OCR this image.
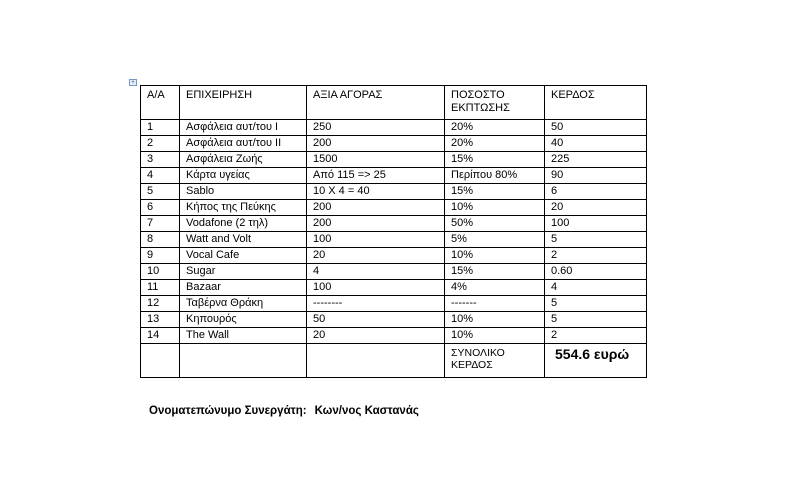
+
Α/Α	ΕΠΙΧΕΙΡΗΣΗ	ΑΞΙΑ ΑΓΟΡΑΣ	ΠΟΣΟΣΤΟ ΕΚΠΤΩΣΗΣ	ΚΕΡΔΟΣ
1	Ασφάλεια αυτ/του Ι	250	20%	50
2	Ασφάλεια αυτ/του ΙΙ	200	20%	40
3	Ασφάλεια Ζωής	1500	15%	225
4	Κάρτα υγείας	Από 115 => 25	Περίπου 80%	90
5	Sablo	10 Χ 4 = 40	15%	6
6	Κήπος της Πεύκης	200	10%	20
7	Vodafone (2 τηλ)	200	50%	100
8	Watt and Volt	100	5%	5
9	Vocal Cafe	20	10%	2
10	Sugar	4	15%	0.60
11	Bazaar	100	4%	4
12	Ταβέρνα Θράκη	--------	-------	5
13	Κηπουρός	50	10%	5
14	The Wall	20	10%	2
			ΣΥΝΟΛΙΚΟ ΚΕΡΔΟΣ	554.6 ευρώ
Ονοματεπώνυμο Συνεργάτη: Κων/νος Καστανάς
